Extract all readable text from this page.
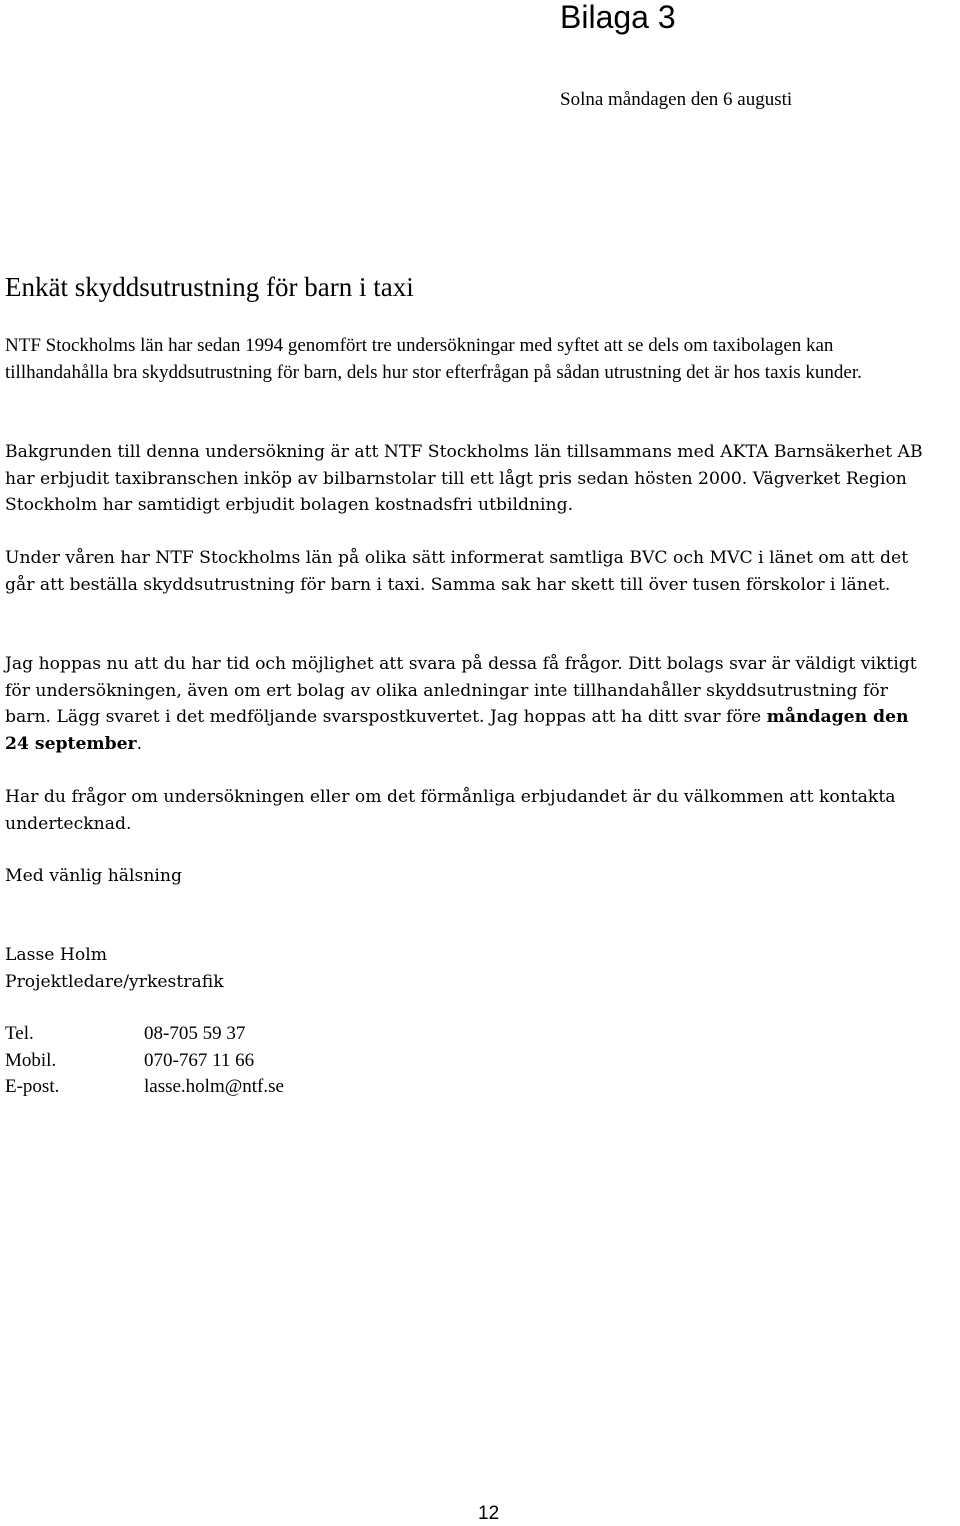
Bilaga 3

Solna måndagen den 6 augusti

Enkät skyddsutrustning för barn i taxi

NTF Stockholms län har sedan 1994 genomfört tre undersökningar med syftet att se dels om taxibolagen kan tillhandahålla bra skyddsutrustning för barn, dels hur stor efterfrågan på sådan utrustning det är hos taxis kunder.

Bakgrunden till denna undersökning är att NTF Stockholms län tillsammans med AKTA Barnsäkerhet AB har erbjudit taxibranschen inköp av bilbarnstolar till ett lågt pris sedan hösten 2000. Vägverket Region Stockholm har samtidigt erbjudit bolagen kostnadsfri utbildning.

Under våren har NTF Stockholms län på olika sätt informerat samtliga BVC och MVC i länet om att det går att beställa skyddsutrustning för barn i taxi. Samma sak har skett till över tusen förskolor i länet.

Jag hoppas nu att du har tid och möjlighet att svara på dessa få frågor. Ditt bolags svar är väldigt viktigt för undersökningen, även om ert bolag av olika anledningar inte tillhandahåller skyddsutrustning för barn. Lägg svaret i det medföljande svarspostkuvertet. Jag hoppas att ha ditt svar före måndagen den 24 september.

Har du frågor om undersökningen eller om det förmånliga erbjudandet är du välkommen att kontakta undertecknad.

Med vänlig hälsning

Lasse Holm
Projektledare/yrkestrafik
Tel.	08-705 59 37
Mobil.	070-767 11 66
E-post.	lasse.holm@ntf.se
12
